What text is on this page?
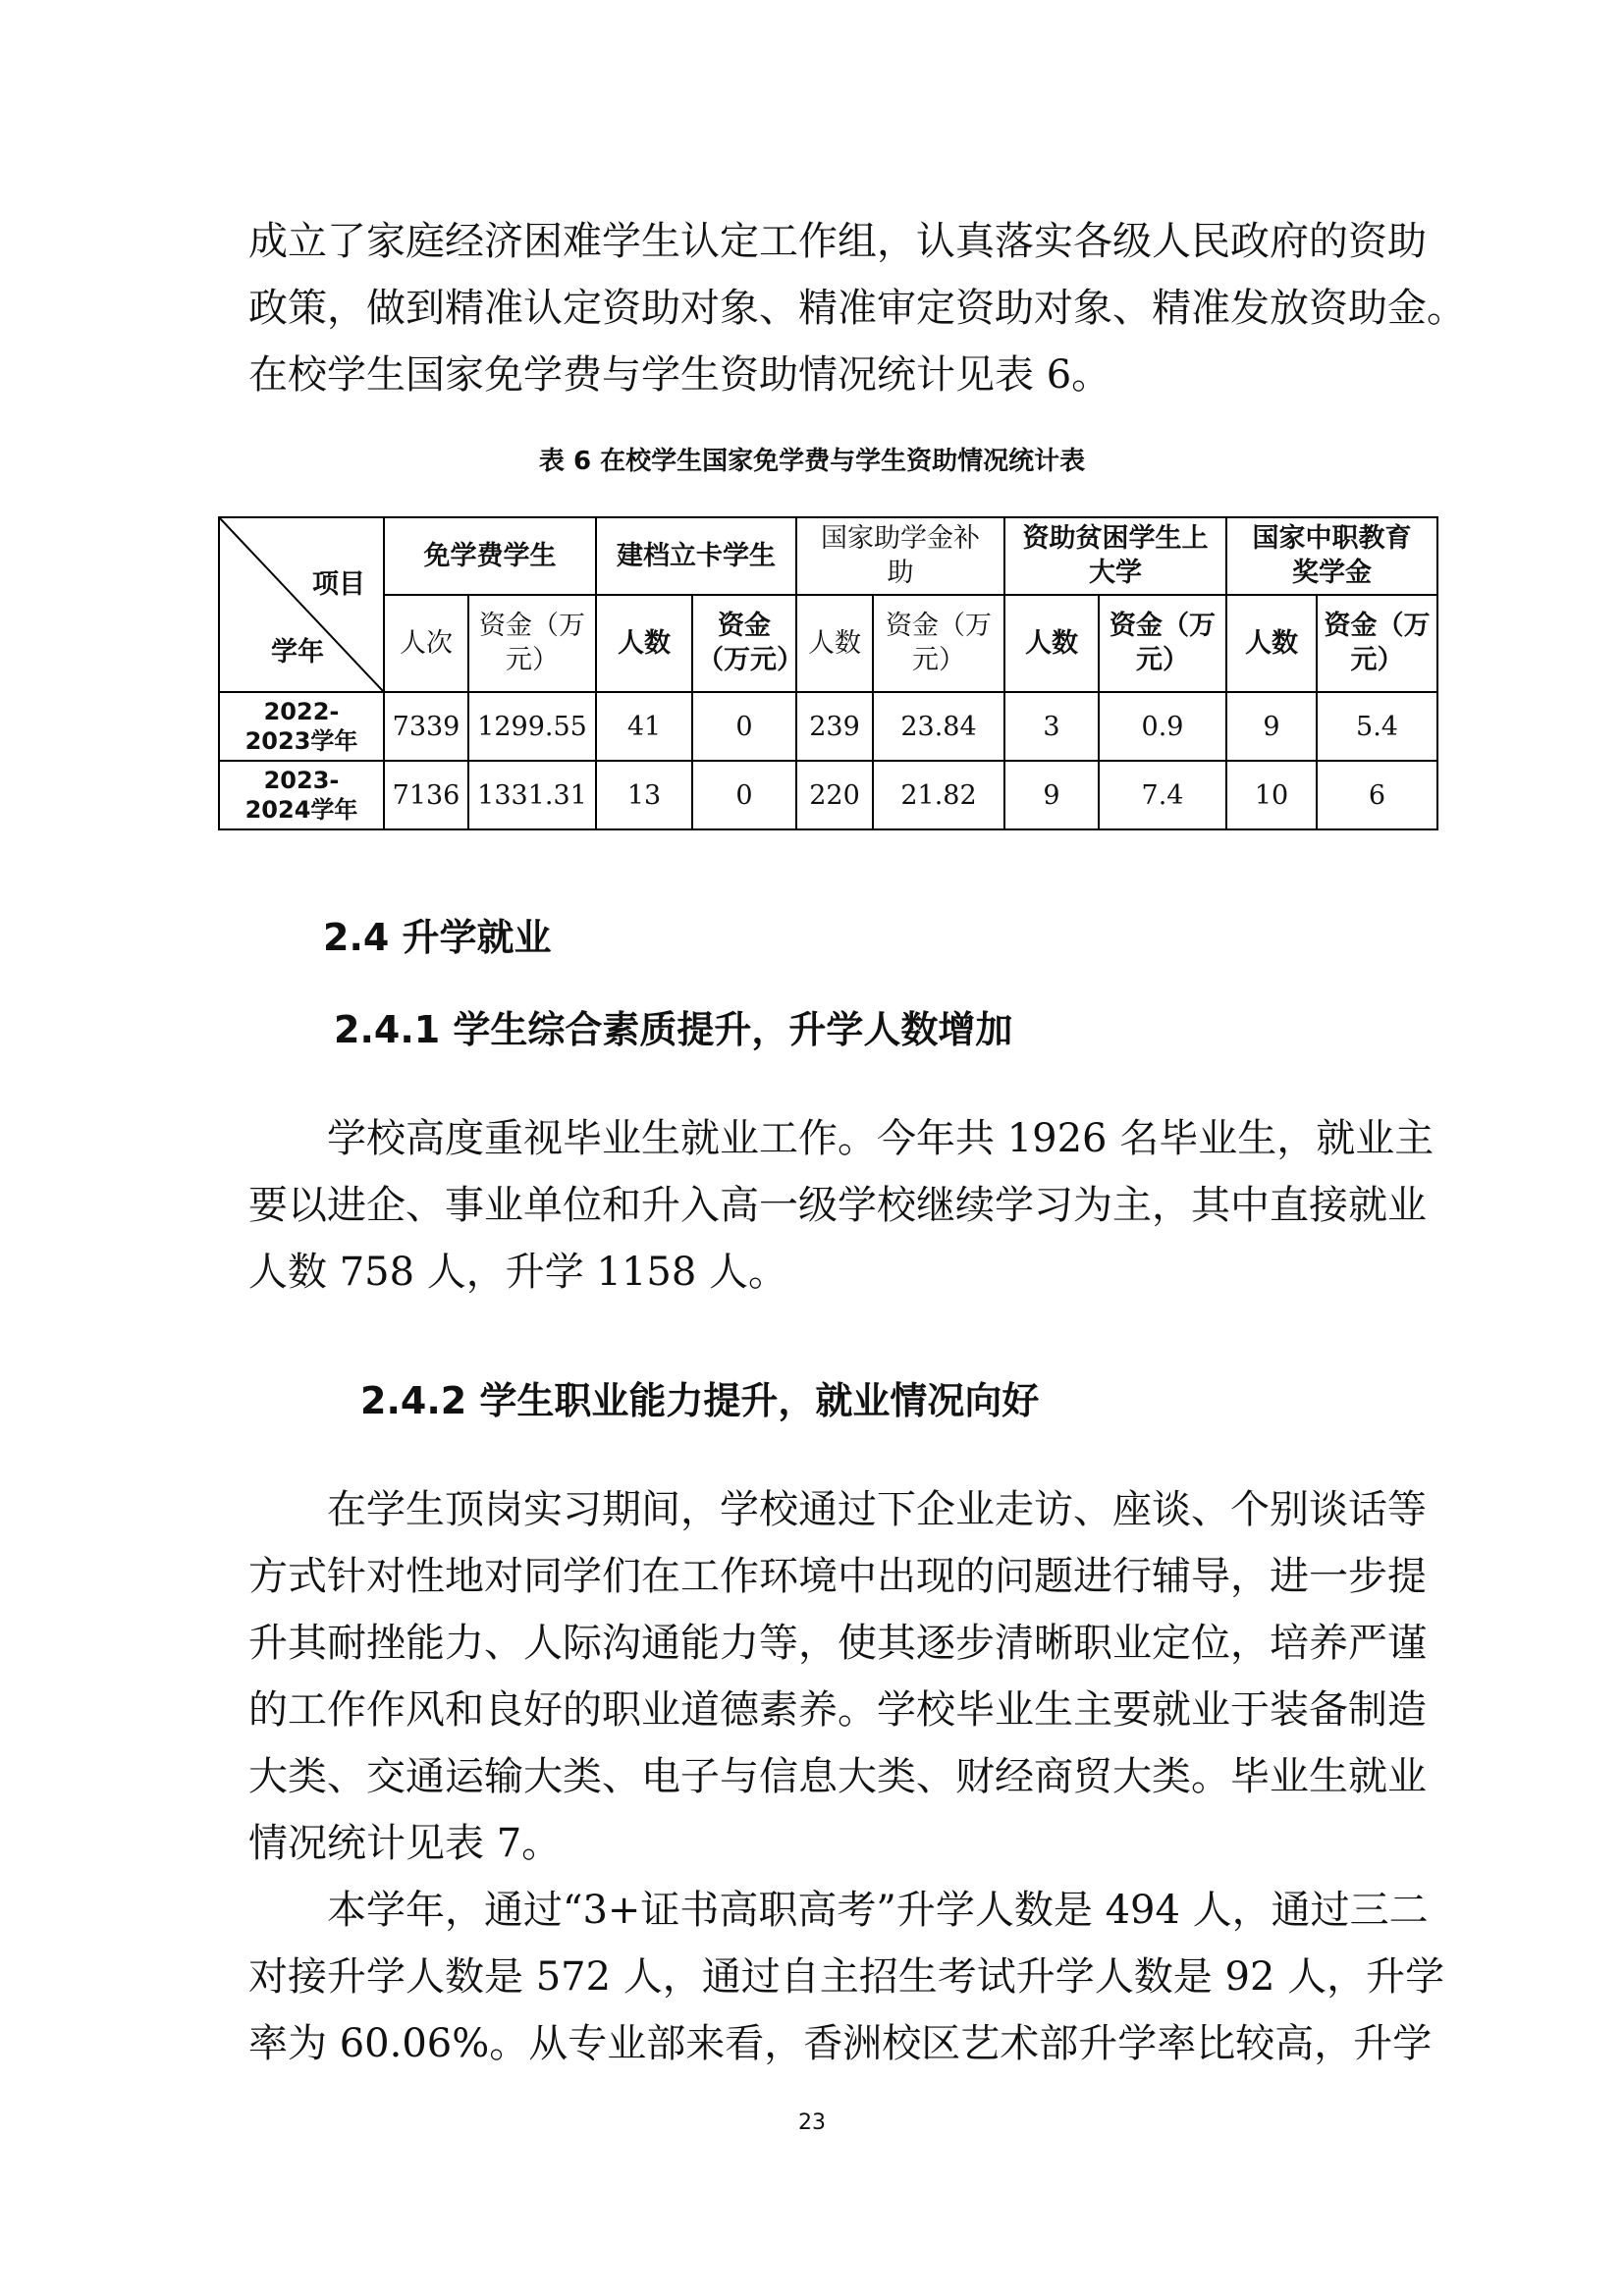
成立了家庭经济困难学生认定工作组，认真落实各级人民政府的资助
政策，做到精准认定资助对象、精准审定资助对象、精准发放资助金。
在校学生国家免学费与学生资助情况统计见表 6。

表 6 在校学生国家免学费与学生资助情况统计表

项目
学年	免学费学生		建档立卡学生		国家助学金补助		资助贫困学生上大学		国家中职教育奖学金	
	人次	资金（万元）	人数	资金（万元）	人数	资金（万元）	人数	资金（万元）	人数	资金（万元）
2022-2023学年	7339	1299.55	41	0	239	23.84	3	0.9	9	5.4
2023-2024学年	7136	1331.31	13	0	220	21.82	9	7.4	10	6
2.4 升学就业
2.4.1 学生综合素质提升，升学人数增加

学校高度重视毕业生就业工作。今年共 1926 名毕业生，就业主
要以进企、事业单位和升入高一级学校继续学习为主，其中直接就业
人数 758 人，升学 1158 人。

2.4.2 学生职业能力提升，就业情况向好

在学生顶岗实习期间，学校通过下企业走访、座谈、个别谈话等
方式针对性地对同学们在工作环境中出现的问题进行辅导，进一步提
升其耐挫能力、人际沟通能力等，使其逐步清晰职业定位，培养严谨
的工作作风和良好的职业道德素养。学校毕业生主要就业于装备制造
大类、交通运输大类、电子与信息大类、财经商贸大类。毕业生就业
情况统计见表 7。

本学年，通过“3+证书高职高考”升学人数是 494 人，通过三二
对接升学人数是 572 人，通过自主招生考试升学人数是 92 人，升学
率为 60.06%。从专业部来看，香洲校区艺术部升学率比较高，升学

23
